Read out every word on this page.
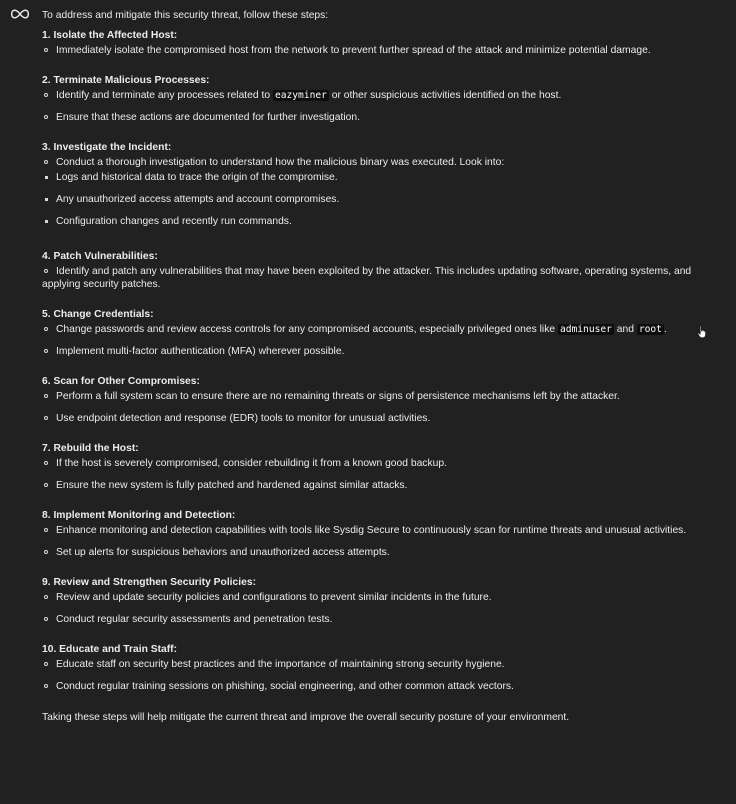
To address and mitigate this security threat, follow these steps:
1. Isolate the Affected Host:
Immediately isolate the compromised host from the network to prevent further spread of the attack and minimize potential damage.
2. Terminate Malicious Processes:
Identify and terminate any processes related to eazyminer or other suspicious activities identified on the host.
Ensure that these actions are documented for further investigation.
3. Investigate the Incident:
Conduct a thorough investigation to understand how the malicious binary was executed. Look into:
Logs and historical data to trace the origin of the compromise.
Any unauthorized access attempts and account compromises.
Configuration changes and recently run commands.
4. Patch Vulnerabilities:
Identify and patch any vulnerabilities that may have been exploited by the attacker. This includes updating software, operating systems, and applying security patches.
5. Change Credentials:
Change passwords and review access controls for any compromised accounts, especially privileged ones like adminuser and root .
Implement multi-factor authentication (MFA) wherever possible.
6. Scan for Other Compromises:
Perform a full system scan to ensure there are no remaining threats or signs of persistence mechanisms left by the attacker.
Use endpoint detection and response (EDR) tools to monitor for unusual activities.
7. Rebuild the Host:
If the host is severely compromised, consider rebuilding it from a known good backup.
Ensure the new system is fully patched and hardened against similar attacks.
8. Implement Monitoring and Detection:
Enhance monitoring and detection capabilities with tools like Sysdig Secure to continuously scan for runtime threats and unusual activities.
Set up alerts for suspicious behaviors and unauthorized access attempts.
9. Review and Strengthen Security Policies:
Review and update security policies and configurations to prevent similar incidents in the future.
Conduct regular security assessments and penetration tests.
10. Educate and Train Staff:
Educate staff on security best practices and the importance of maintaining strong security hygiene.
Conduct regular training sessions on phishing, social engineering, and other common attack vectors.
Taking these steps will help mitigate the current threat and improve the overall security posture of your environment.
